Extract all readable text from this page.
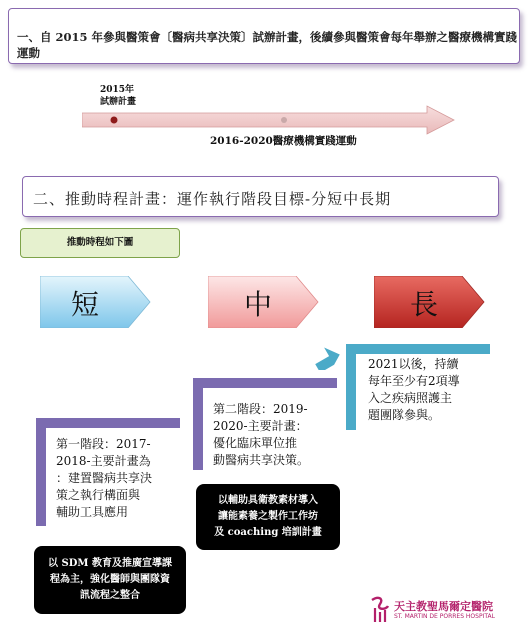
一、自 2015 年參與醫策會〔醫病共享決策〕試辦計畫，後續參與醫策會每年舉辦之醫療機構實踐運動
2015年
試辦計畫
2016-2020醫療機構實踐運動
二、推動時程計畫：運作執行階段目標-分短中長期
推動時程如下圖
短	中	長
2021以後，持續
每年至少有2項導
入之疾病照護主
題團隊參與。
第二階段：2019-
2020-主要計畫：
優化臨床單位推
動醫病共享決策。
第一階段：2017-
2018-主要計畫為
：建置醫病共享決
策之執行構面與
輔助工具應用
以輔助具衛教素材導入
讓能素養之製作工作坊
及 coaching 培訓計畫
以 SDM 教育及推廣宣導課
程為主，強化醫師與團隊資
訊流程之整合
天主教聖馬爾定醫院
ST. MARTIN DE PORRES HOSPITAL
